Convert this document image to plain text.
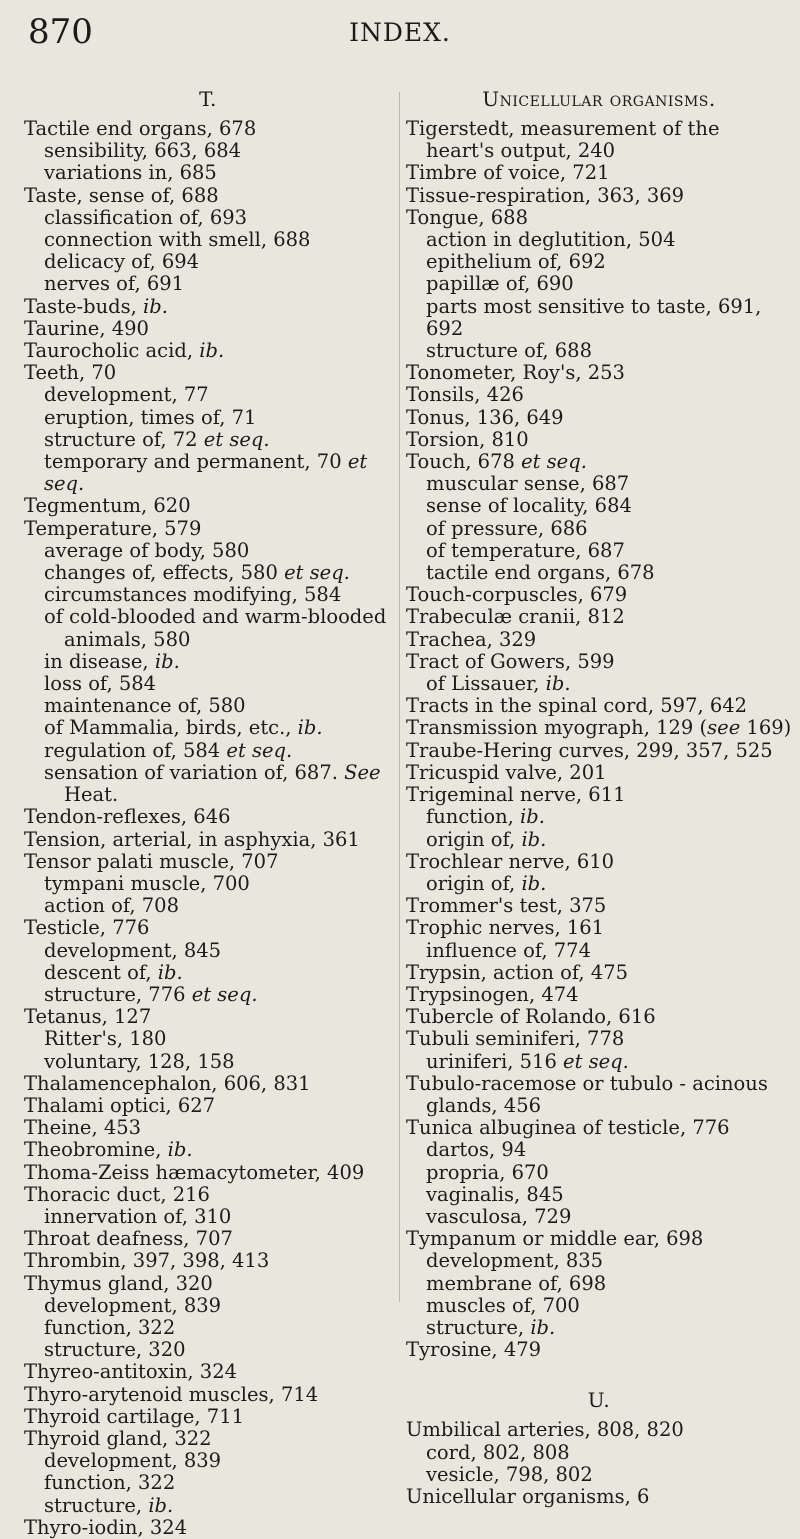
870	INDEX.
T.
Tactile end organs, 678
sensibility, 663, 684
variations in, 685
Taste, sense of, 688
classification of, 693
connection with smell, 688
delicacy of, 694
nerves of, 691
Taste-buds, ib.
Taurine, 490
Taurocholic acid, ib.
Teeth, 70
development, 77
eruption, times of, 71
structure of, 72 et seq.
temporary and permanent, 70 et seq.
Tegmentum, 620
Temperature, 579
average of body, 580
changes of, effects, 580 et seq.
circumstances modifying, 584
of cold-blooded and warm-blooded animals, 580
in disease, ib.
loss of, 584
maintenance of, 580
of Mammalia, birds, etc., ib.
regulation of, 584 et seq.
sensation of variation of, 687. See Heat.
Tendon-reflexes, 646
Tension, arterial, in asphyxia, 361
Tensor palati muscle, 707
tympani muscle, 700
action of, 708
Testicle, 776
development, 845
descent of, ib.
structure, 776 et seq.
Tetanus, 127
Ritter's, 180
voluntary, 128, 158
Thalamencephalon, 606, 831
Thalami optici, 627
Theine, 453
Theobromine, ib.
Thoma-Zeiss hæmacytometer, 409
Thoracic duct, 216
innervation of, 310
Throat deafness, 707
Thrombin, 397, 398, 413
Thymus gland, 320
development, 839
function, 322
structure, 320
Thyreo-antitoxin, 324
Thyro-arytenoid muscles, 714
Thyroid cartilage, 711
Thyroid gland, 322
development, 839
function, 322
structure, ib.
Thyro-iodin, 324
Unicellular organisms.
Tigerstedt, measurement of the heart's output, 240
Timbre of voice, 721
Tissue-respiration, 363, 369
Tongue, 688
action in deglutition, 504
epithelium of, 692
papillæ of, 690
parts most sensitive to taste, 691, 692
structure of, 688
Tonometer, Roy's, 253
Tonsils, 426
Tonus, 136, 649
Torsion, 810
Touch, 678 et seq.
muscular sense, 687
sense of locality, 684
of pressure, 686
of temperature, 687
tactile end organs, 678
Touch-corpuscles, 679
Trabeculæ cranii, 812
Trachea, 329
Tract of Gowers, 599
of Lissauer, ib.
Tracts in the spinal cord, 597, 642
Transmission myograph, 129 (see 169)
Traube-Hering curves, 299, 357, 525
Tricuspid valve, 201
Trigeminal nerve, 611
function, ib.
origin of, ib.
Trochlear nerve, 610
origin of, ib.
Trommer's test, 375
Trophic nerves, 161
influence of, 774
Trypsin, action of, 475
Trypsinogen, 474
Tubercle of Rolando, 616
Tubuli seminiferi, 778
uriniferi, 516 et seq.
Tubulo-racemose or tubulo - acinous glands, 456
Tunica albuginea of testicle, 776
dartos, 94
propria, 670
vaginalis, 845
vasculosa, 729
Tympanum or middle ear, 698
development, 835
membrane of, 698
muscles of, 700
structure, ib.
Tyrosine, 479
U.
Umbilical arteries, 808, 820
cord, 802, 808
vesicle, 798, 802
Unicellular organisms, 6
